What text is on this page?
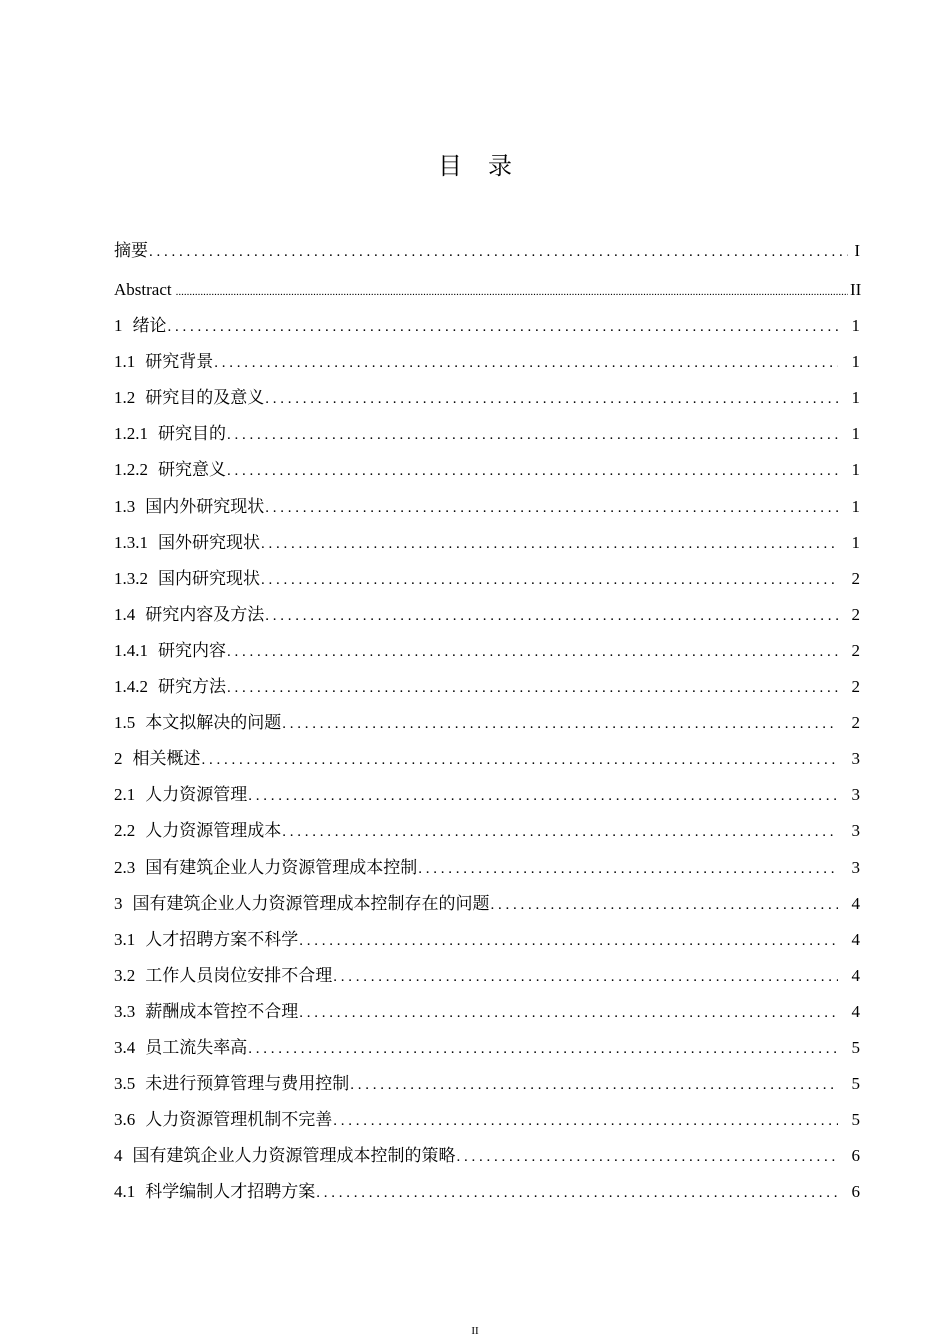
目 录
摘要 . . .	I
Abstract .....	II
1 绪论 . . .	1
1.1 研究背景 . . .	1
1.2 研究目的及意义 . . .	1
1.2.1 研究目的 . . .	1
1.2.2 研究意义 . . .	1
1.3 国内外研究现状 . . .	1
1.3.1 国外研究现状 . . .	1
1.3.2 国内研究现状 . . .	2
1.4 研究内容及方法 . . .	2
1.4.1 研究内容 . . .	2
1.4.2 研究方法 . . .	2
1.5 本文拟解决的问题 . . .	2
2 相关概述 . . .	3
2.1 人力资源管理 . . .	3
2.2 人力资源管理成本 . . .	3
2.3 国有建筑企业人力资源管理成本控制 . . .	3
3 国有建筑企业人力资源管理成本控制存在的问题 . . .	4
3.1 人才招聘方案不科学 . . .	4
3.2 工作人员岗位安排不合理 . . .	4
3.3 薪酬成本管控不合理 . . .	4
3.4 员工流失率高 . . .	5
3.5 未进行预算管理与费用控制 . . .	5
3.6 人力资源管理机制不完善 . . .	5
4 国有建筑企业人力资源管理成本控制的策略 . . .	6
4.1 科学编制人才招聘方案 . . .	6
II
